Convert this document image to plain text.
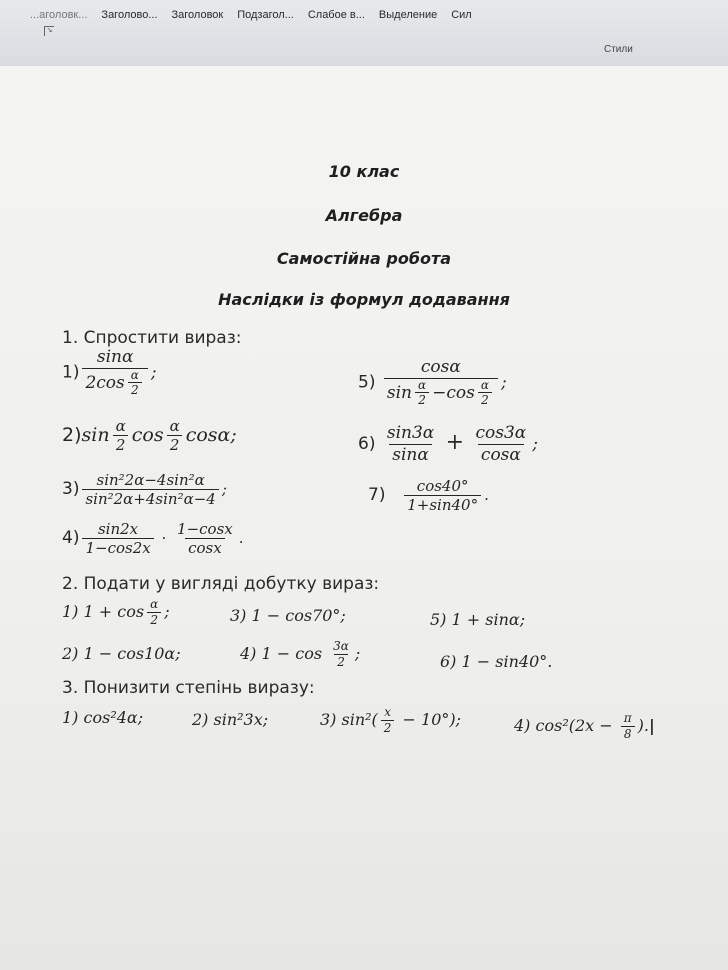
...аголовк... Заголово... Заголовок Подзагол... Слабое в... Выделение Сил
↘
Стили
10 клас
Алгебра
Самостійна робота
Наслідки із формул додавання
1. Спростити вираз:
$1) \frac{\sin\alpha}{2\cos \frac{\alpha}{2}}$ ;	$5) \frac{\cos\alpha}{\sin \frac{\alpha}{2} -\cos \frac{\alpha}{2}}$ ;
$2)\sin \frac{\alpha}{2}$ $\cos \frac{\alpha}{2} \cos\alpha$;	$6) \frac{\sin 3\alpha}{\sin\alpha} + \frac{\cos 3\alpha}{\cos\alpha}$ ;
$3) \frac{\text{sin²2α−4sin²α}}{\text{sin²2α+4sin²α−4}}$ ;	$7) \frac{\cos 40^\circ}{1+\sin 40^\circ}$ .
$4) \frac{\sin 2x}{1-\cos 2x} \cdot \frac{1-\cos x}{\cos x}$ .
2. Подати у вигляді добутку вираз:
1) $1 + \cos \frac{\alpha}{2}$ ;	3) 1 − cos70°;	5) 1 + sinα;
2) 1 − cos10α;	4) $1 - \cos \frac{3\alpha}{2}$ ;	6) 1 − sin40°.
3. Понизити степінь виразу:
1) cos²4α;	2) sin²3x;	3) $\sin^2( \frac{x}{2} - 10^\circ)$;	4) $\cos^2(2x - \frac{\pi}{8}$ ).|
